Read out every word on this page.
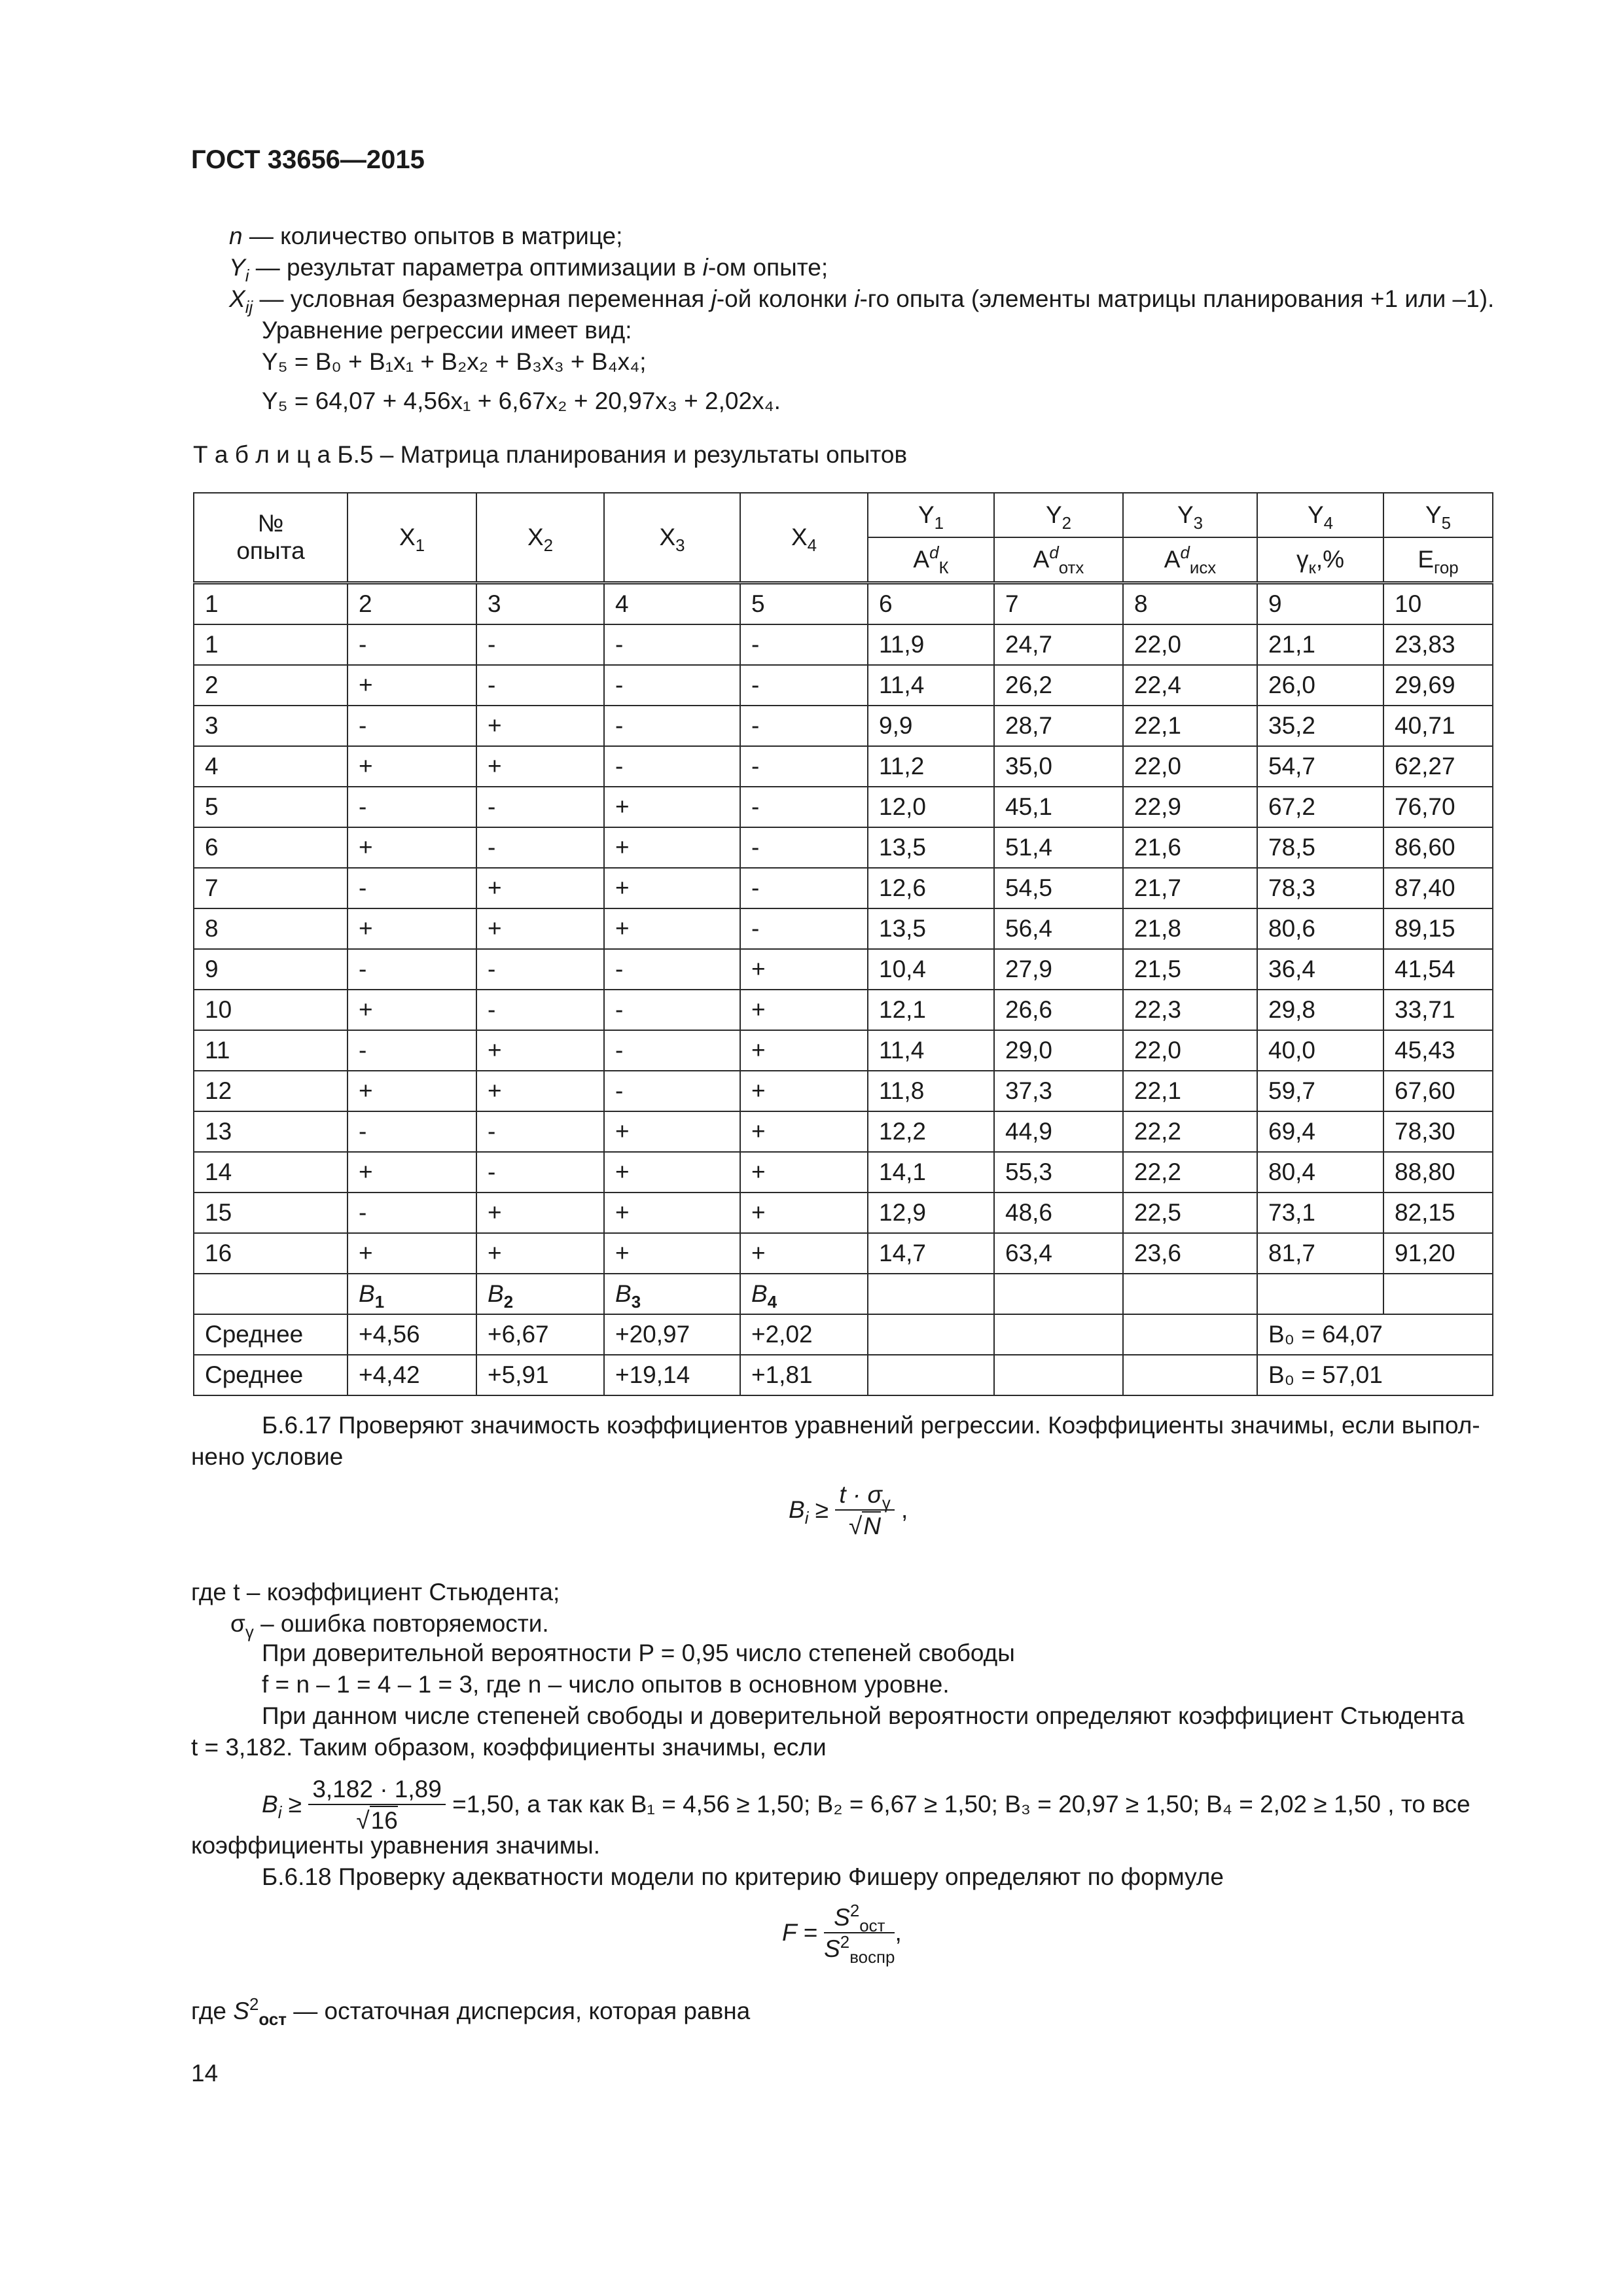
ГОСТ 33656—2015
n — количество опытов в матрице;
$Y_i$ — результат параметра оптимизации в i-ом опыте;
$X_{ij}$ — условная безразмерная переменная j-ой колонки i-го опыта (элементы матрицы планирования +1 или –1).
Уравнение регрессии имеет вид:
Y₅ = B₀ + B₁x₁ + B₂x₂ + B₃x₃ + B₄x₄;
Y₅ = 64,07 + 4,56x₁ + 6,67x₂ + 20,97x₃ + 2,02x₄.
Т а б л и ц а Б.5 – Матрица планирования и результаты опытов
№
опыта	$X_1$	$X_2$	$X_3$	$X_4$	$Y_1$	$Y_2$	$Y_3$	$Y_4$	$Y_5$
					$A^d_К$	$A^d_{отх}$	$A^d_{исх}$	$\gamma_к,\%$	$E_{гор}$
1	2	3	4	5	6	7	8	9	10
1	-	-	-	-	11,9	24,7	22,0	21,1	23,83
2	+	-	-	-	11,4	26,2	22,4	26,0	29,69
3	-	+	-	-	9,9	28,7	22,1	35,2	40,71
4	+	+	-	-	11,2	35,0	22,0	54,7	62,27
5	-	-	+	-	12,0	45,1	22,9	67,2	76,70
6	+	-	+	-	13,5	51,4	21,6	78,5	86,60
7	-	+	+	-	12,6	54,5	21,7	78,3	87,40
8	+	+	+	-	13,5	56,4	21,8	80,6	89,15
9	-	-	-	+	10,4	27,9	21,5	36,4	41,54
10	+	-	-	+	12,1	26,6	22,3	29,8	33,71
11	-	+	-	+	11,4	29,0	22,0	40,0	45,43
12	+	+	-	+	11,8	37,3	22,1	59,7	67,60
13	-	-	+	+	12,2	44,9	22,2	69,4	78,30
14	+	-	+	+	14,1	55,3	22,2	80,4	88,80
15	-	+	+	+	12,9	48,6	22,5	73,1	82,15
16	+	+	+	+	14,7	63,4	23,6	81,7	91,20
	$B_1$	$B_2$	$B_3$	$B_4$					
Среднее	+4,56	+6,67	+20,97	+2,02				B₀ = 64,07	
Среднее	+4,42	+5,91	+19,14	+1,81				B₀ = 57,01	
Б.6.17 Проверяют значимость коэффициентов уравнений регрессии. Коэффициенты значимы, если выпол-
нено условие
$B_i \ge \frac{t \cdot \sigma_\gamma}{√N}$ ,
где t – коэффициент Стьюдента;
$\sigma_\gamma$ – ошибка повторяемости.
При доверительной вероятности P = 0,95 число степеней свободы
f = n – 1 = 4 – 1 = 3, где n – число опытов в основном уровне.
При данном числе степеней свободы и доверительной вероятности определяют коэффициент Стьюдента
t = 3,182. Таким образом, коэффициенты значимы, если
$B_i \ge \frac{3,182 \cdot 1,89}{√16} =1,50$, а так как B₁ = 4,56 ≥ 1,50; B₂ = 6,67 ≥ 1,50; B₃ = 20,97 ≥ 1,50; B₄ = 2,02 ≥ 1,50 , то все
коэффициенты уравнения значимы.
Б.6.18 Проверку адекватности модели по критерию Фишеру определяют по формуле
$F = \frac{S^2_{ост}}{S^2_{воспр}}$ ,
где $S^2_{ост}$ — остаточная дисперсия, которая равна
14
